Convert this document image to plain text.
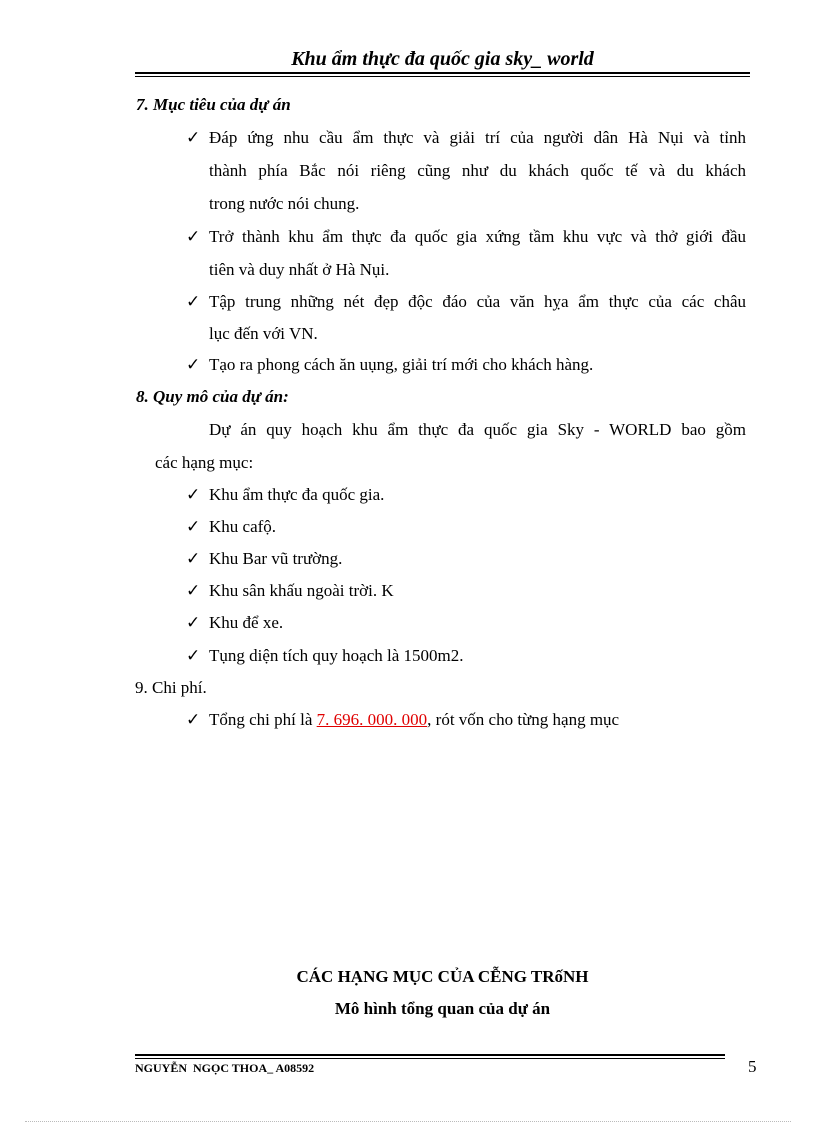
Khu ẩm thực đa quốc gia sky_ world
7. Mục tiêu của dự án
✓ Đáp ứng nhu cầu ẩm thực và giải trí của người dân Hà Nụi và tỉnh
thành phía Bắc nói riêng cũng như du khách quốc tế và du khách
trong nước nói chung.
✓ Trở thành khu ẩm thực đa quốc gia xứng tầm khu vực và thở giới đầu
tiên và duy nhất ở Hà Nụi.
✓ Tập trung những nét đẹp độc đáo của văn hỵa ẩm thực của các châu
lục đến với VN.
✓ Tạo ra phong cách ăn uụng, giải trí mới cho khách hàng.
8. Quy mô của dự án:
Dự án quy hoạch khu ẩm thực đa quốc gia Sky - WORLD bao gồm
các hạng mục:
✓ Khu ẩm thực đa quốc gia.
✓ Khu cafộ.
✓ Khu Bar vũ trường.
✓ Khu sân khấu ngoài trời. K
✓ Khu để xe.
✓ Tụng diện tích quy hoạch là 1500m2.
9. Chi phí.
✓ Tổng chi phí là 7. 696. 000. 000, rót vốn cho từng hạng mục
CÁC HẠNG MỤC CỦA CỄNG TRốNH
Mô hình tổng quan của dự án
NGUYỄN  NGỌC THOA_ A08592	5
